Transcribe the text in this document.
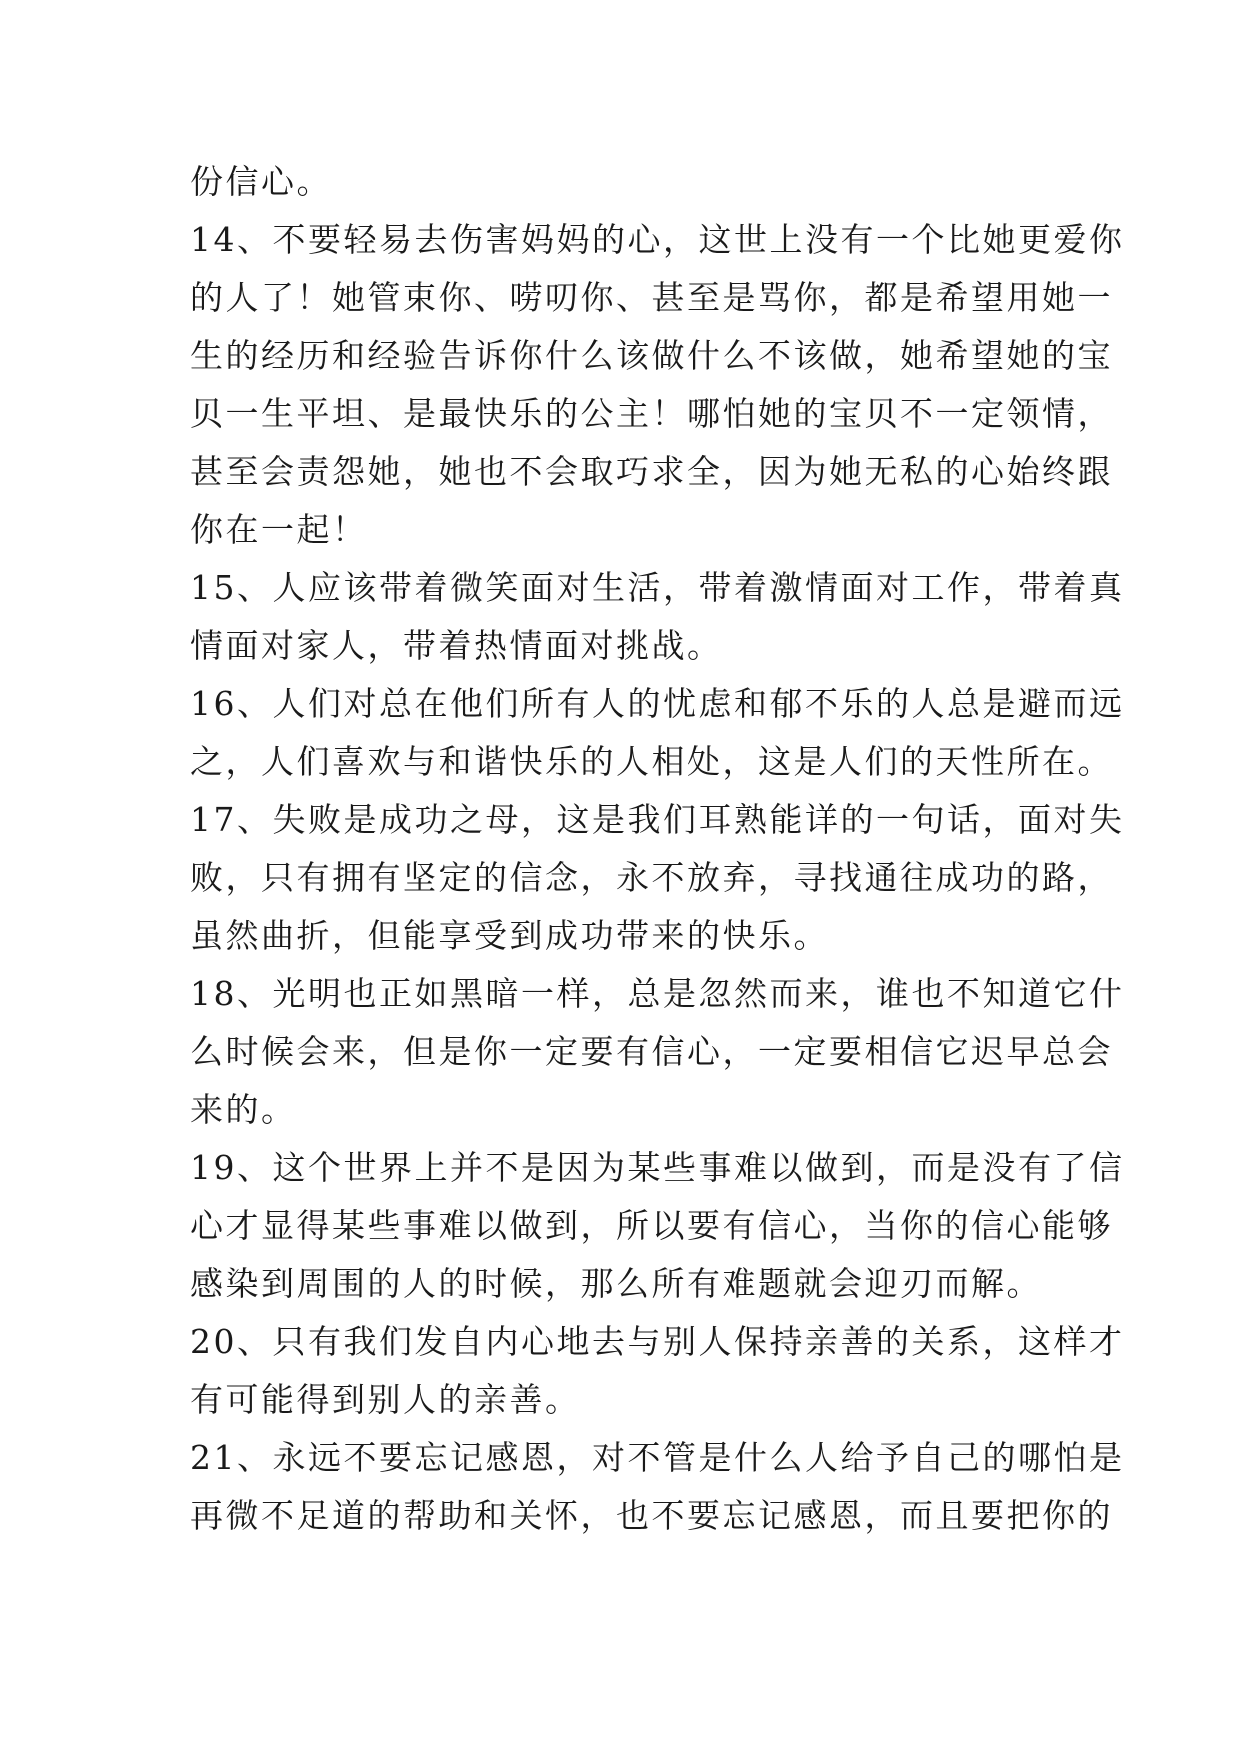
份信心。
14、不要轻易去伤害妈妈的心，这世上没有一个比她更爱你
的人了！她管束你、唠叨你、甚至是骂你，都是希望用她一
生的经历和经验告诉你什么该做什么不该做，她希望她的宝
贝一生平坦、是最快乐的公主！哪怕她的宝贝不一定领情，
甚至会责怨她，她也不会取巧求全，因为她无私的心始终跟
你在一起！
15、人应该带着微笑面对生活，带着激情面对工作，带着真
情面对家人，带着热情面对挑战。
16、人们对总在他们所有人的忧虑和郁不乐的人总是避而远
之，人们喜欢与和谐快乐的人相处，这是人们的天性所在。
17、失败是成功之母，这是我们耳熟能详的一句话，面对失
败，只有拥有坚定的信念，永不放弃，寻找通往成功的路，
虽然曲折，但能享受到成功带来的快乐。
18、光明也正如黑暗一样，总是忽然而来，谁也不知道它什
么时候会来，但是你一定要有信心，一定要相信它迟早总会
来的。
19、这个世界上并不是因为某些事难以做到，而是没有了信
心才显得某些事难以做到，所以要有信心，当你的信心能够
感染到周围的人的时候，那么所有难题就会迎刃而解。
20、只有我们发自内心地去与别人保持亲善的关系，这样才
有可能得到别人的亲善。
21、永远不要忘记感恩，对不管是什么人给予自己的哪怕是
再微不足道的帮助和关怀，也不要忘记感恩，而且要把你的
